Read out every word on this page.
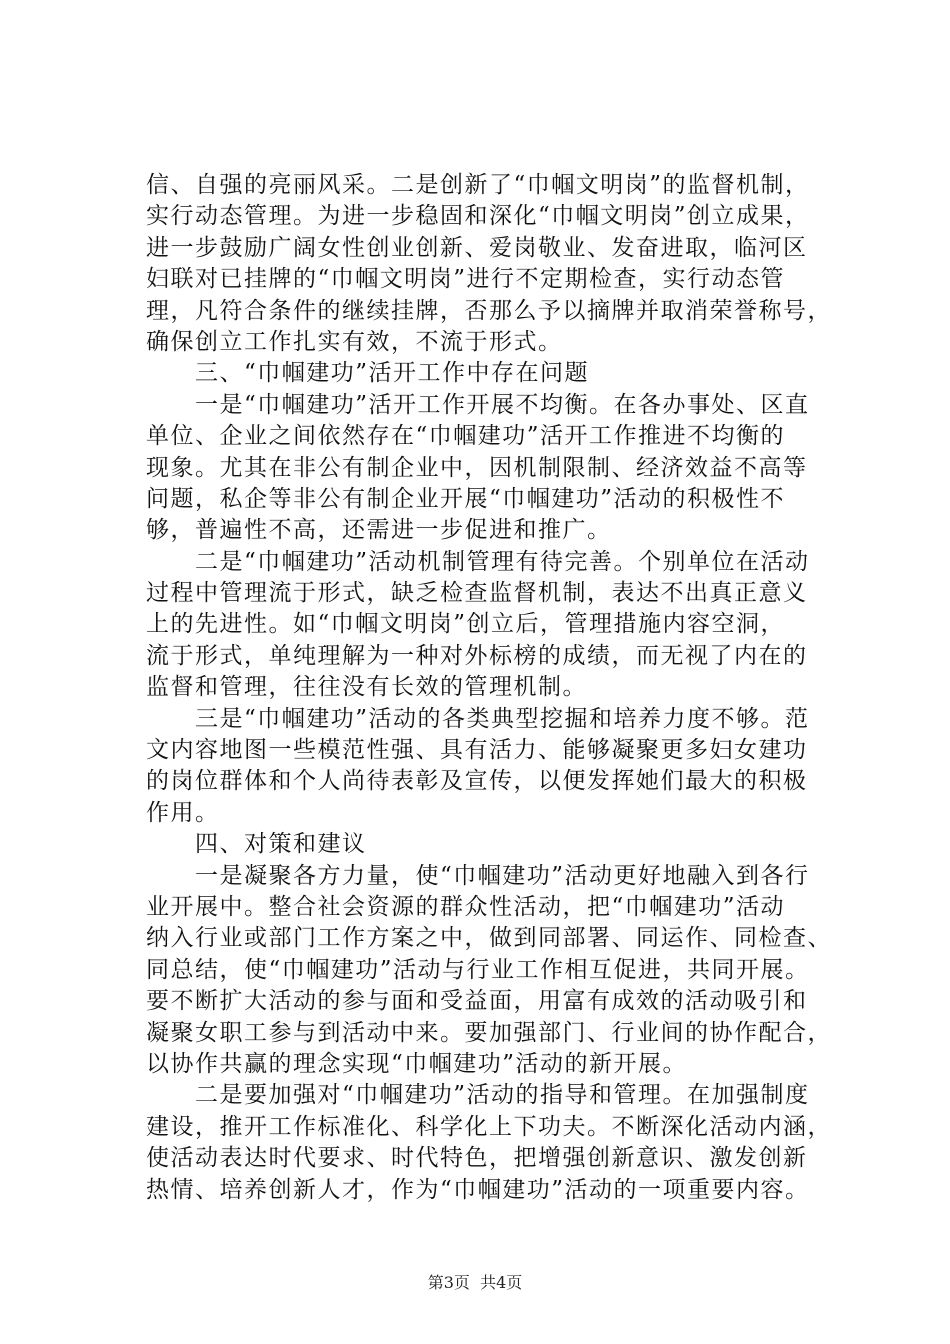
信、自强的亮丽风采。二是创新了“巾帼文明岗”的监督机制，
实行动态管理。为进一步稳固和深化“巾帼文明岗”创立成果，
进一步鼓励广阔女性创业创新、爱岗敬业、发奋进取，临河区
妇联对已挂牌的“巾帼文明岗”进行不定期检查，实行动态管
理，凡符合条件的继续挂牌，否那么予以摘牌并取消荣誉称号，
确保创立工作扎实有效，不流于形式。
　　三、“巾帼建功”活开工作中存在问题
　　一是“巾帼建功”活开工作开展不均衡。在各办事处、区直
单位、企业之间依然存在“巾帼建功”活开工作推进不均衡的
现象。尤其在非公有制企业中，因机制限制、经济效益不高等
问题，私企等非公有制企业开展“巾帼建功”活动的积极性不
够，普遍性不高，还需进一步促进和推广。
　　二是“巾帼建功”活动机制管理有待完善。个别单位在活动
过程中管理流于形式，缺乏检查监督机制，表达不出真正意义
上的先进性。如“巾帼文明岗”创立后，管理措施内容空洞，
流于形式，单纯理解为一种对外标榜的成绩，而无视了内在的
监督和管理，往往没有长效的管理机制。
　　三是“巾帼建功”活动的各类典型挖掘和培养力度不够。范
文内容地图一些模范性强、具有活力、能够凝聚更多妇女建功
的岗位群体和个人尚待表彰及宣传，以便发挥她们最大的积极
作用。
　　四、对策和建议
　　一是凝聚各方力量，使“巾帼建功”活动更好地融入到各行
业开展中。整合社会资源的群众性活动，把“巾帼建功”活动
纳入行业或部门工作方案之中，做到同部署、同运作、同检查、
同总结，使“巾帼建功”活动与行业工作相互促进，共同开展。
要不断扩大活动的参与面和受益面，用富有成效的活动吸引和
凝聚女职工参与到活动中来。要加强部门、行业间的协作配合，
以协作共赢的理念实现“巾帼建功”活动的新开展。
　　二是要加强对“巾帼建功”活动的指导和管理。在加强制度
建设，推开工作标准化、科学化上下功夫。不断深化活动内涵，
使活动表达时代要求、时代特色，把增强创新意识、激发创新
热情、培养创新人才，作为“巾帼建功”活动的一项重要内容。
第3页 共4页
